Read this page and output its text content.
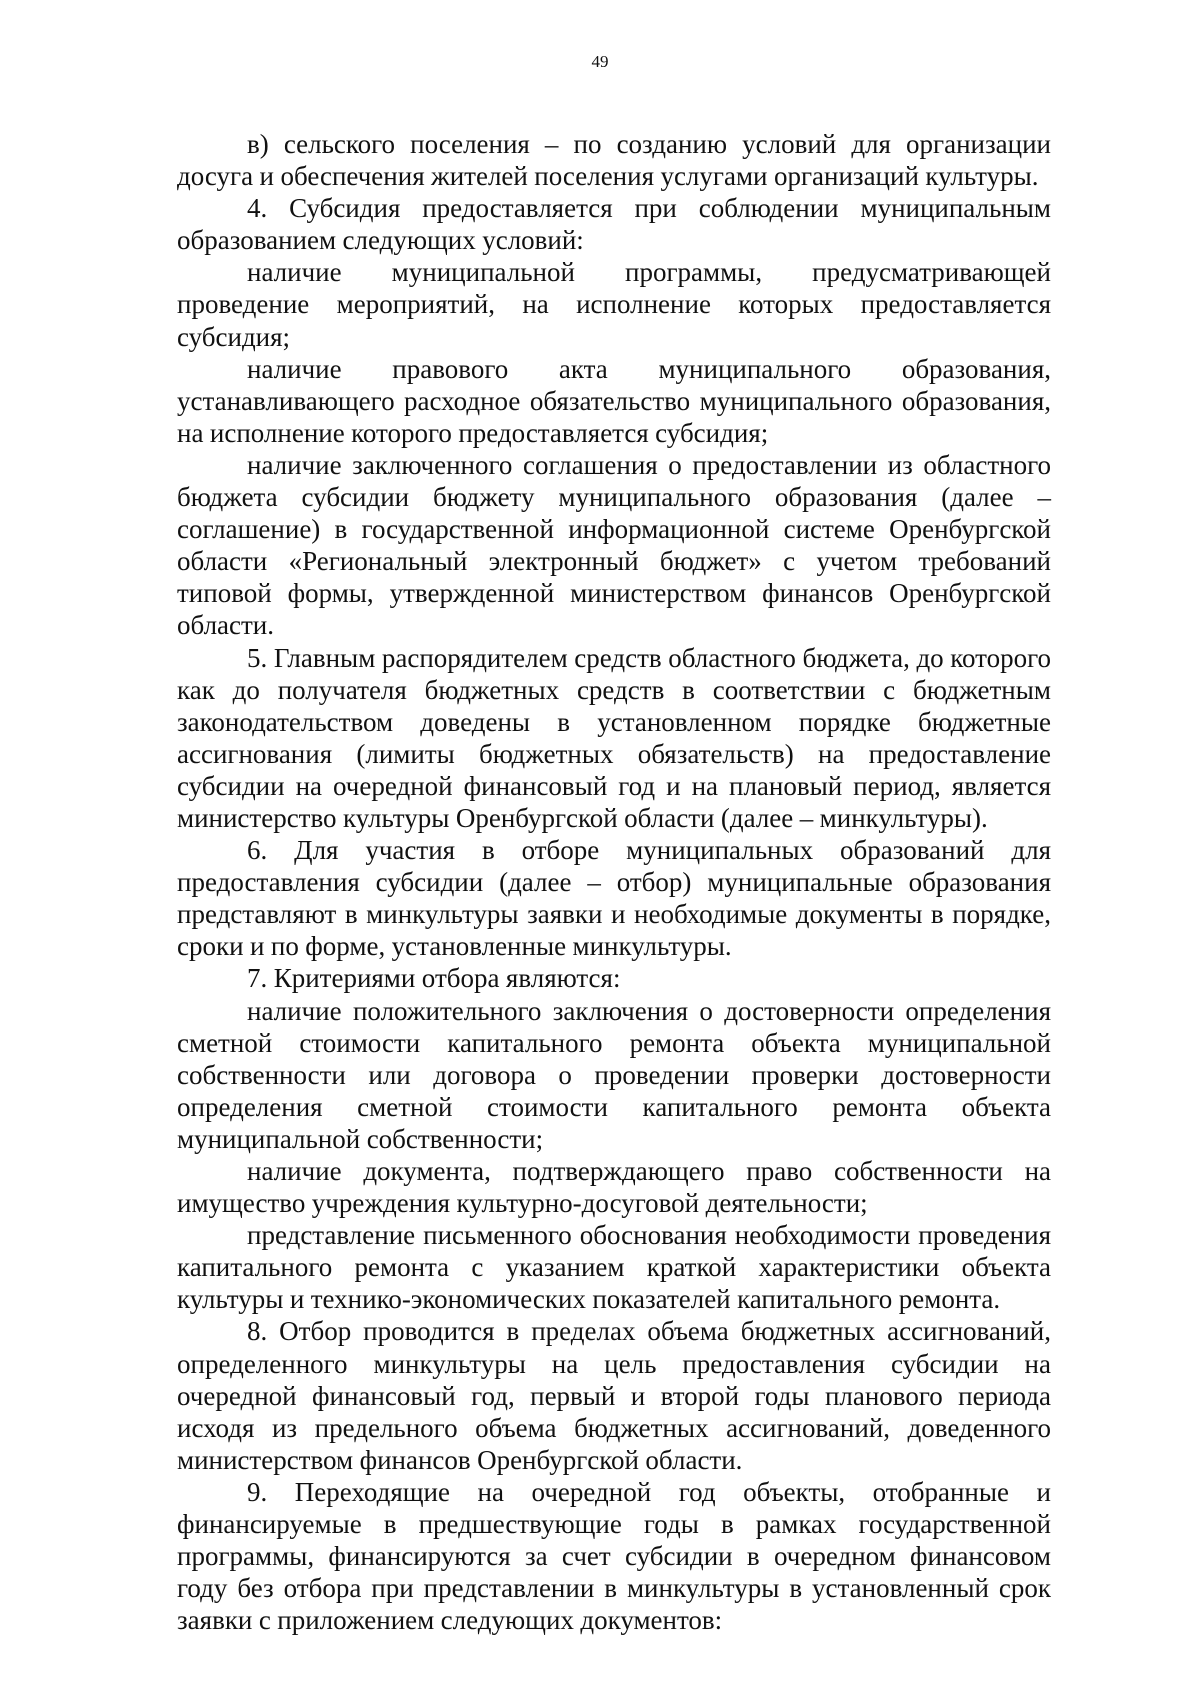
49

в) сельского поселения – по созданию условий для организации досуга и обеспечения жителей поселения услугами организаций культуры.

4. Субсидия предоставляется при соблюдении муниципальным образованием следующих условий:

наличие муниципальной программы, предусматривающей проведение мероприятий, на исполнение которых предоставляется субсидия;

наличие правового акта муниципального образования, устанавливающего расходное обязательство муниципального образования, на исполнение которого предоставляется субсидия;

наличие заключенного соглашения о предоставлении из областного бюджета субсидии бюджету муниципального образования (далее – соглашение) в государственной информационной системе Оренбургской области «Региональный электронный бюджет» с учетом требований типовой формы, утвержденной министерством финансов Оренбургской области.

5. Главным распорядителем средств областного бюджета, до которого как до получателя бюджетных средств в соответствии с бюджетным законодательством доведены в установленном порядке бюджетные ассигнования (лимиты бюджетных обязательств) на предоставление субсидии на очередной финансовый год и на плановый период, является министерство культуры Оренбургской области (далее – минкультуры).

6. Для участия в отборе муниципальных образований для предоставления субсидии (далее – отбор) муниципальные образования представляют в минкультуры заявки и необходимые документы в порядке, сроки и по форме, установленные минкультуры.

7. Критериями отбора являются:

наличие положительного заключения о достоверности определения сметной стоимости капитального ремонта объекта муниципальной собственности или договора о проведении проверки достоверности определения сметной стоимости капитального ремонта объекта муниципальной собственности;

наличие документа, подтверждающего право собственности на имущество учреждения культурно-досуговой деятельности;

представление письменного обоснования необходимости проведения капитального ремонта с указанием краткой характеристики объекта культуры и технико-экономических показателей капитального ремонта.

8. Отбор проводится в пределах объема бюджетных ассигнований, определенного минкультуры на цель предоставления субсидии на очередной финансовый год, первый и второй годы планового периода исходя из предельного объема бюджетных ассигнований, доведенного министерством финансов Оренбургской области.

9. Переходящие на очередной год объекты, отобранные и финансируемые в предшествующие годы в рамках государственной программы, финансируются за счет субсидии в очередном финансовом году без отбора при представлении в минкультуры в установленный срок заявки с приложением следующих документов:
